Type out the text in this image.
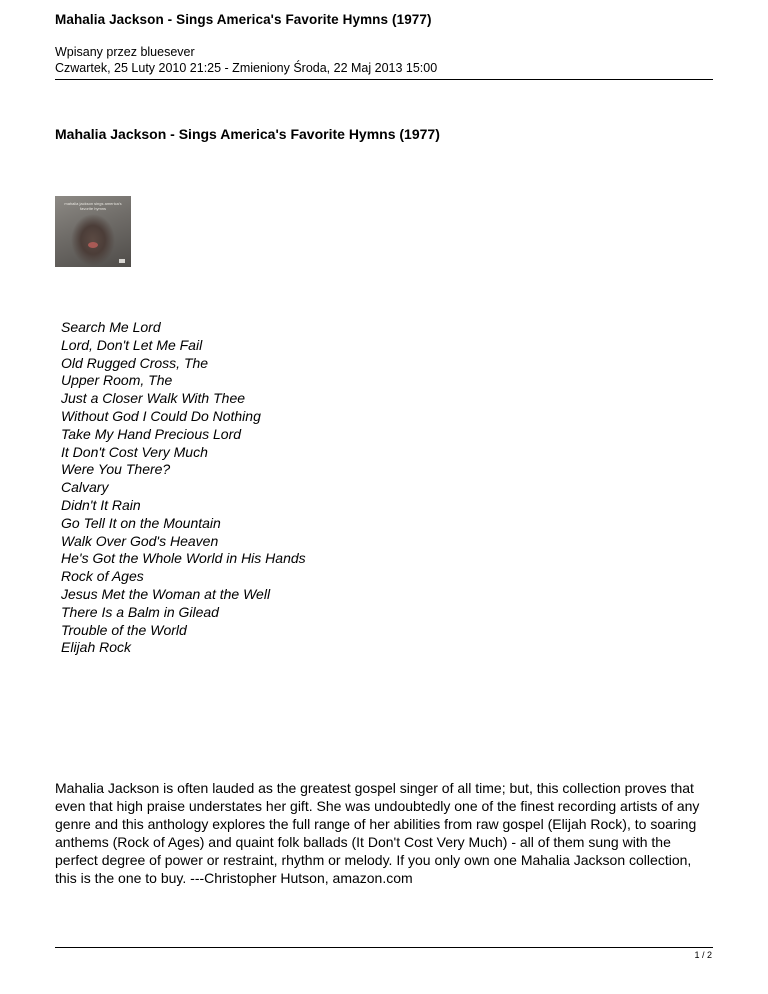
Mahalia Jackson - Sings America's Favorite Hymns (1977)
Wpisany przez bluesever
Czwartek, 25 Luty 2010 21:25 - Zmieniony Środa, 22 Maj 2013 15:00
Mahalia Jackson - Sings America's Favorite Hymns (1977)
mahalia jackson sings america's favorite hymns
Search Me Lord
Lord, Don't Let Me Fail
Old Rugged Cross, The
Upper Room, The
Just a Closer Walk With Thee
Without God I Could Do Nothing
Take My Hand Precious Lord
It Don't Cost Very Much
Were You There?
Calvary
Didn't It Rain
Go Tell It on the Mountain
Walk Over God's Heaven
He's Got the Whole World in His Hands
Rock of Ages
Jesus Met the Woman at the Well
There Is a Balm in Gilead
Trouble of the World
Elijah Rock

Mahalia Jackson is often lauded as the greatest gospel singer of all time; but, this collection proves that even that high praise understates her gift. She was undoubtedly one of the finest recording artists of any genre and this anthology explores the full range of her abilities from raw gospel (Elijah Rock), to soaring anthems (Rock of Ages) and quaint folk ballads (It Don't Cost Very Much) - all of them sung with the perfect degree of power or restraint, rhythm or melody. If you only own one Mahalia Jackson collection, this is the one to buy. ---Christopher Hutson, amazon.com

1 / 2
